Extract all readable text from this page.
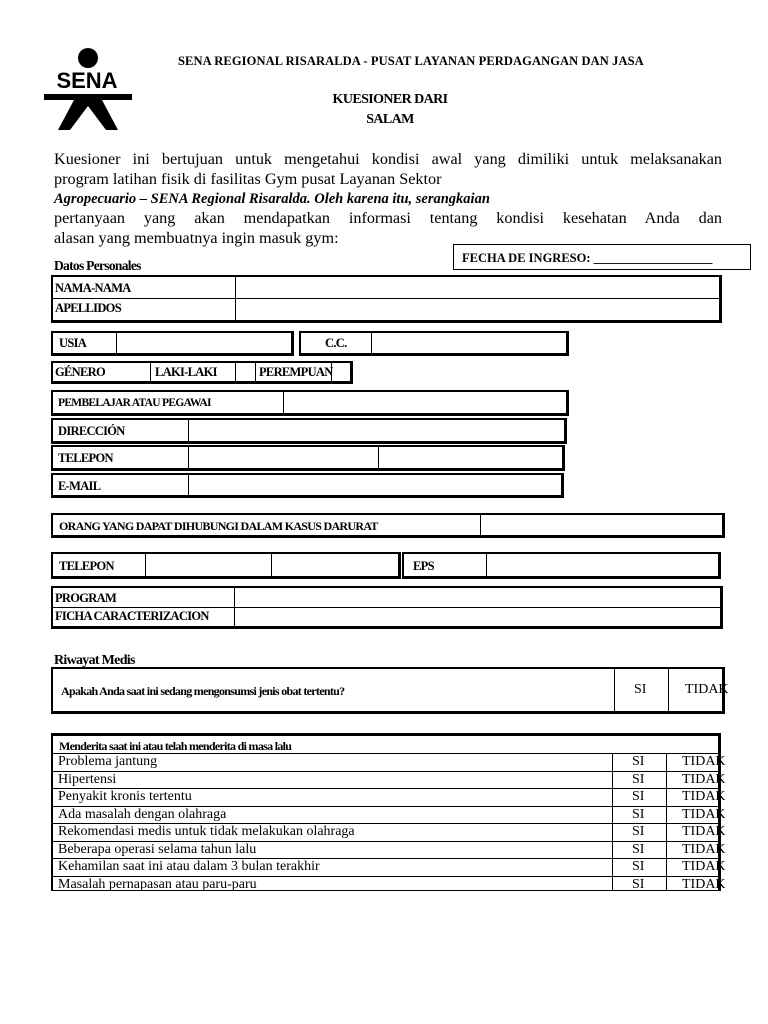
SENA
SENA REGIONAL RISARALDA - PUSAT LAYANAN PERDAGANGAN DAN JASA
KUESIONER DARI
SALAM
Kuesioner ini bertujuan untuk mengetahui kondisi awal yang dimiliki untuk melaksanakan
program latihan fisik di fasilitas Gym pusat Layanan Sektor
Agropecuario – SENA Regional Risaralda. Oleh karena itu, serangkaian
pertanyaan yang akan mendapatkan informasi tentang kondisi kesehatan Anda dan
alasan yang membuatnya ingin masuk gym:
FECHA DE INGRESO: ___________________
Datos Personales
NAMA-NAMA
APELLIDOS
USIA	C.C.
GÉNERO	LAKI-LAKI	PEREMPUAN
PEMBELAJAR ATAU PEGAWAI
DIRECCIÓN
TELEPON
E-MAIL
ORANG YANG DAPAT DIHUBUNGI DALAM KASUS DARURAT
TELEPON	EPS
PROGRAM
FICHA CARACTERIZACION
Riwayat Medis
Apakah Anda saat ini sedang mengonsumsi jenis obat tertentu?	SI	TIDAK
Menderita saat ini atau telah menderita di masa lalu
Problema jantung	SI	TIDAK
Hipertensi	SI	TIDAK
Penyakit kronis tertentu	SI	TIDAK
Ada masalah dengan olahraga	SI	TIDAK
Rekomendasi medis untuk tidak melakukan olahraga	SI	TIDAK
Beberapa operasi selama tahun lalu	SI	TIDAK
Kehamilan saat ini atau dalam 3 bulan terakhir	SI	TIDAK
Masalah pernapasan atau paru-paru	SI	TIDAK
